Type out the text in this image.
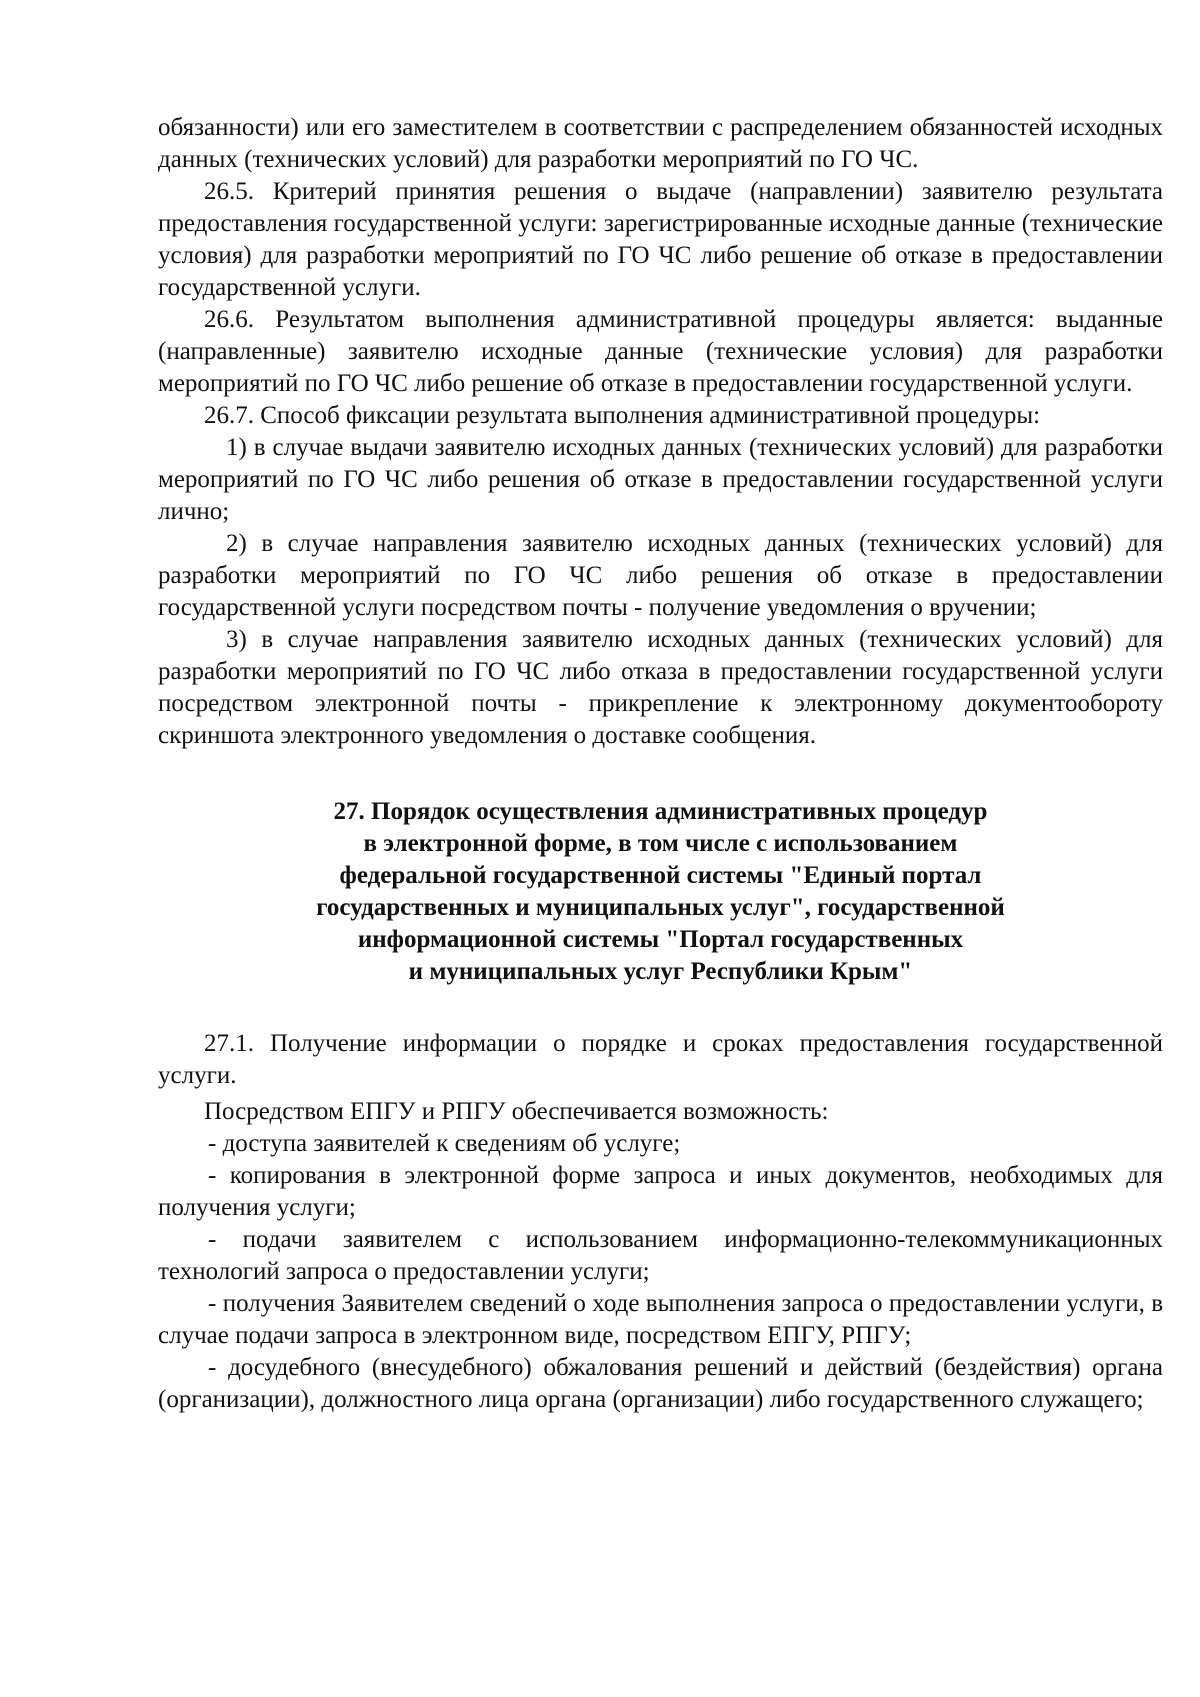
обязанности) или его заместителем в соответствии с распределением обязанностей исходных данных (технических условий) для разработки мероприятий по ГО ЧС.

26.5. Критерий принятия решения о выдаче (направлении) заявителю результата предоставления государственной услуги: зарегистрированные исходные данные (технические условия) для разработки мероприятий по ГО ЧС либо решение об отказе в предоставлении государственной услуги.

26.6. Результатом выполнения административной процедуры является: выданные (направленные) заявителю исходные данные (технические условия) для разработки мероприятий по ГО ЧС либо решение об отказе в предоставлении государственной услуги.

26.7. Способ фиксации результата выполнения административной процедуры:

1) в случае выдачи заявителю исходных данных (технических условий) для разработки мероприятий по ГО ЧС либо решения об отказе в предоставлении государственной услуги лично;

2) в случае направления заявителю исходных данных (технических условий) для разработки мероприятий по ГО ЧС либо решения об отказе в предоставлении государственной услуги посредством почты - получение уведомления о вручении;

3) в случае направления заявителю исходных данных (технических условий) для разработки мероприятий по ГО ЧС либо отказа в предоставлении государственной услуги посредством электронной почты - прикрепление к электронному документообороту скриншота электронного уведомления о доставке сообщения.

27. Порядок осуществления административных процедур
в электронной форме, в том числе с использованием
федеральной государственной системы "Единый портал
государственных и муниципальных услуг", государственной
информационной системы "Портал государственных
и муниципальных услуг Республики Крым"

27.1. Получение информации о порядке и сроках предоставления государственной услуги.

Посредством ЕПГУ и РПГУ обеспечивается возможность:

- доступа заявителей к сведениям об услуге;

- копирования в электронной форме запроса и иных документов, необходимых для получения услуги;

- подачи заявителем с использованием информационно-телекоммуникационных технологий запроса о предоставлении услуги;

- получения Заявителем сведений о ходе выполнения запроса о предоставлении услуги, в случае подачи запроса в электронном виде, посредством ЕПГУ, РПГУ;

- досудебного (внесудебного) обжалования решений и действий (бездействия) органа (организации), должностного лица органа (организации) либо государственного служащего;
